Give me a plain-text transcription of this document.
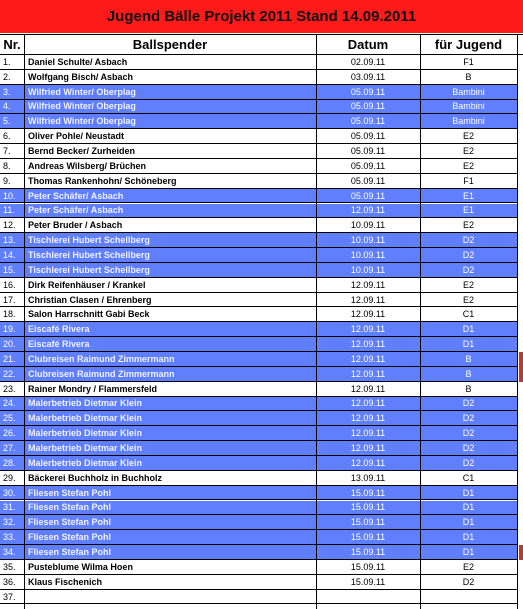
Jugend Bälle Projekt 2011 Stand 14.09.2011
Nr.	Ballspender	Datum	für Jugend
1.	Daniel Schulte/ Asbach	02.09.11	F1
2.	Wolfgang Bisch/ Asbach	03.09.11	B
3.	Wilfried Winter/ Oberplag	05.09.11	Bambini
4.	Wilfried Winter/ Oberplag	05.09.11	Bambini
5.	Wilfried Winter/ Oberplag	05.09.11	Bambini
6.	Oliver Pohle/ Neustadt	05.09.11	E2
7.	Bernd Becker/ Zurheiden	05.09.11	E2
8.	Andreas Wilsberg/ Brüchen	05.09.11	E2
9.	Thomas Rankenhohn/ Schöneberg	05.09.11	F1
10.	Peter Schäfer/ Asbach	05.09.11	E1
11.	Peter Schäfer/ Asbach	12.09.11	E1
12.	Peter Bruder / Asbach	10.09.11	E2
13.	Tischlerei Hubert Schellberg	10.09.11	D2
14.	Tischlerei Hubert Schellberg	10.09.11	D2
15.	Tischlerei Hubert Schellberg	10.09.11	D2
16.	Dirk Reifenhäuser / Krankel	12.09.11	E2
17.	Christian Clasen / Ehrenberg	12.09.11	E2
18.	Salon Harrschnitt Gabi Beck	12.09.11	C1
19.	Eiscafé Rivera	12.09.11	D1
20.	Eiscafé Rivera	12.09.11	D1
21.	Clubreisen Raimund Zimmermann	12.09.11	B
22.	Clubreisen Raimund Zimmermann	12.09.11	B
23.	Rainer Mondry / Flammersfeld	12.09.11	B
24.	Malerbetrieb Dietmar Klein	12.09.11	D2
25.	Malerbetrieb Dietmar Klein	12.09.11	D2
26.	Malerbetrieb Dietmar Klein	12.09.11	D2
27.	Malerbetrieb Dietmar Klein	12.09.11	D2
28.	Malerbetrieb Dietmar Klein	12.09.11	D2
29.	Bäckerei Buchholz in Buchholz	13.09.11	C1
30.	Fliesen Stefan Pohl	15.09.11	D1
31.	Fliesen Stefan Pohl	15.09.11	D1
32.	Fliesen Stefan Pohl	15.09.11	D1
33.	Fliesen Stefan Pohl	15.09.11	D1
34.	Fliesen Stefan Pohl	15.09.11	D1
35.	Pusteblume Wilma Hoen	15.09.11	E2
36.	Klaus Fischenich	15.09.11	D2
37.
